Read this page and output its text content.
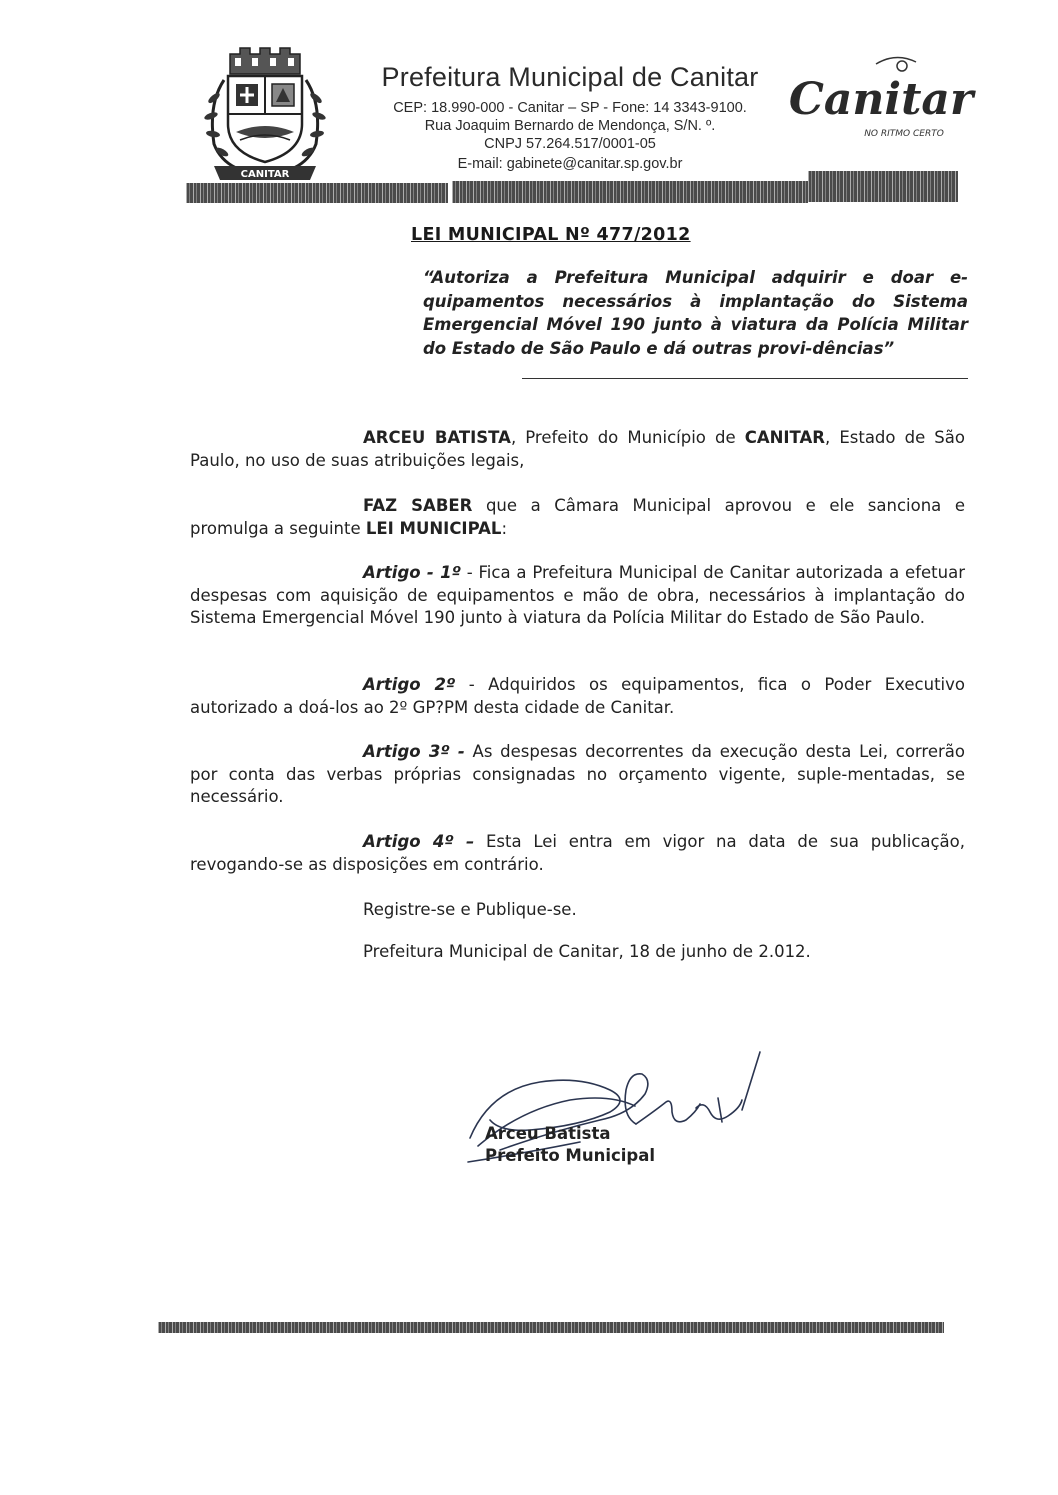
CANITAR
Prefeitura Municipal de Canitar
CEP: 18.990-000 - Canitar – SP - Fone: 14 3343-9100.
Rua Joaquim Bernardo de Mendonça, S/N. º.
CNPJ 57.264.517/0001-05
E-mail: gabinete@canitar.sp.gov.br
Canitar
NO RITMO CERTO
LEI MUNICIPAL Nº 477/2012
“Autoriza a Prefeitura Municipal adquirir e doar e-quipamentos necessários à implantação do Sistema Emergencial Móvel 190 junto à viatura da Polícia Militar do Estado de São Paulo e dá outras provi-dências”
ARCEU BATISTA, Prefeito do Município de CANITAR, Estado de São Paulo, no uso de suas atribuições legais,
FAZ SABER que a Câmara Municipal aprovou e ele sanciona e promulga a seguinte LEI MUNICIPAL:
Artigo - 1º - Fica a Prefeitura Municipal de Canitar autorizada a efetuar despesas com aquisição de equipamentos e mão de obra, necessários à implantação do Sistema Emergencial Móvel 190 junto à viatura da Polícia Militar do Estado de São Paulo.
Artigo 2º - Adquiridos os equipamentos, fica o Poder Executivo autorizado a doá-los ao 2º GP?PM desta cidade de Canitar.
Artigo 3º - As despesas decorrentes da execução desta Lei, correrão por conta das verbas próprias consignadas no orçamento vigente, suple-mentadas, se necessário.
Artigo 4º – Esta Lei entra em vigor na data de sua publicação, revogando-se as disposições em contrário.
Registre-se e Publique-se.
Prefeitura Municipal de Canitar, 18 de junho de 2.012.
Arceu Batista
Prefeito Municipal
